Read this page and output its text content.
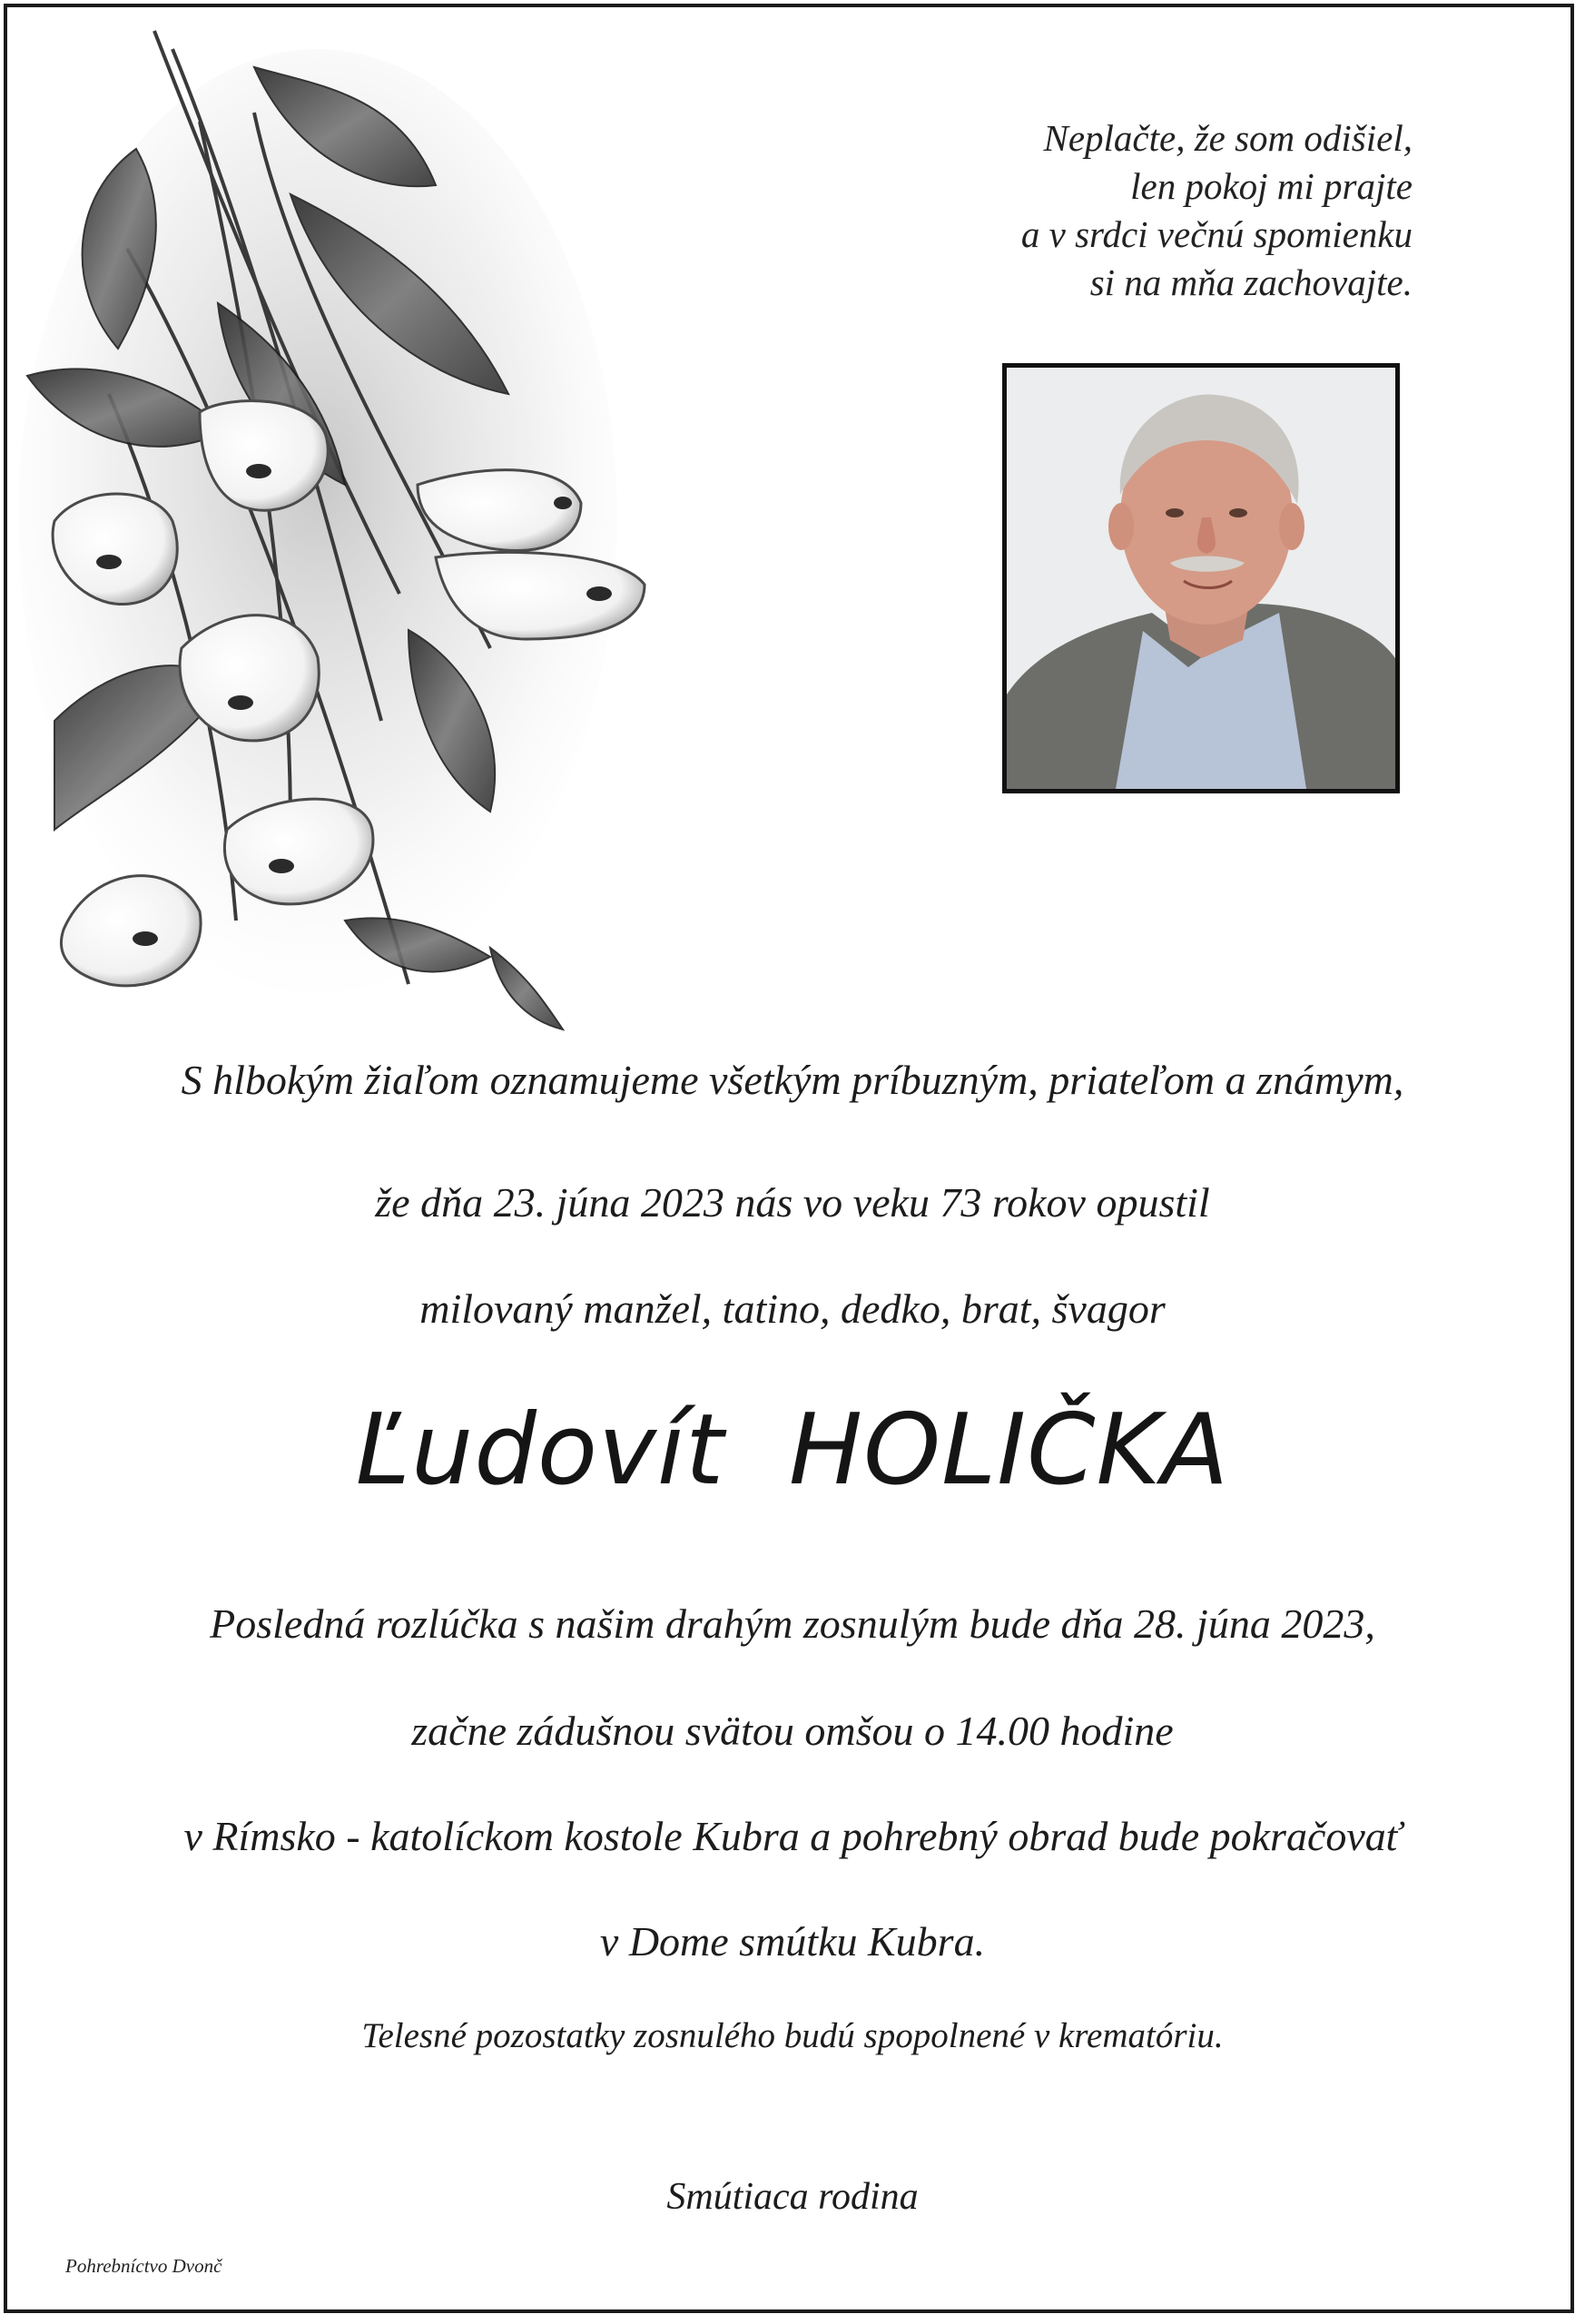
Neplačte, že som odišiel,
len pokoj mi prajte
a v srdci večnú spomienku
si na mňa zachovajte.
S hlbokým žiaľom oznamujeme všetkým príbuzným, priateľom a známym,
že dňa 23. júna 2023 nás vo veku 73 rokov opustil
milovaný manžel, tatino, dedko, brat, švagor
Ľudovít  HOLIČKA
Posledná rozlúčka s našim drahým zosnulým bude dňa 28. júna 2023,
začne zádušnou svätou omšou o 14.00 hodine
v Rímsko - katolíckom kostole Kubra a pohrebný obrad bude pokračovať
v Dome smútku Kubra.
Telesné pozostatky zosnulého budú spopolnené v krematóriu.
Smútiaca rodina
Pohrebníctvo Dvonč
